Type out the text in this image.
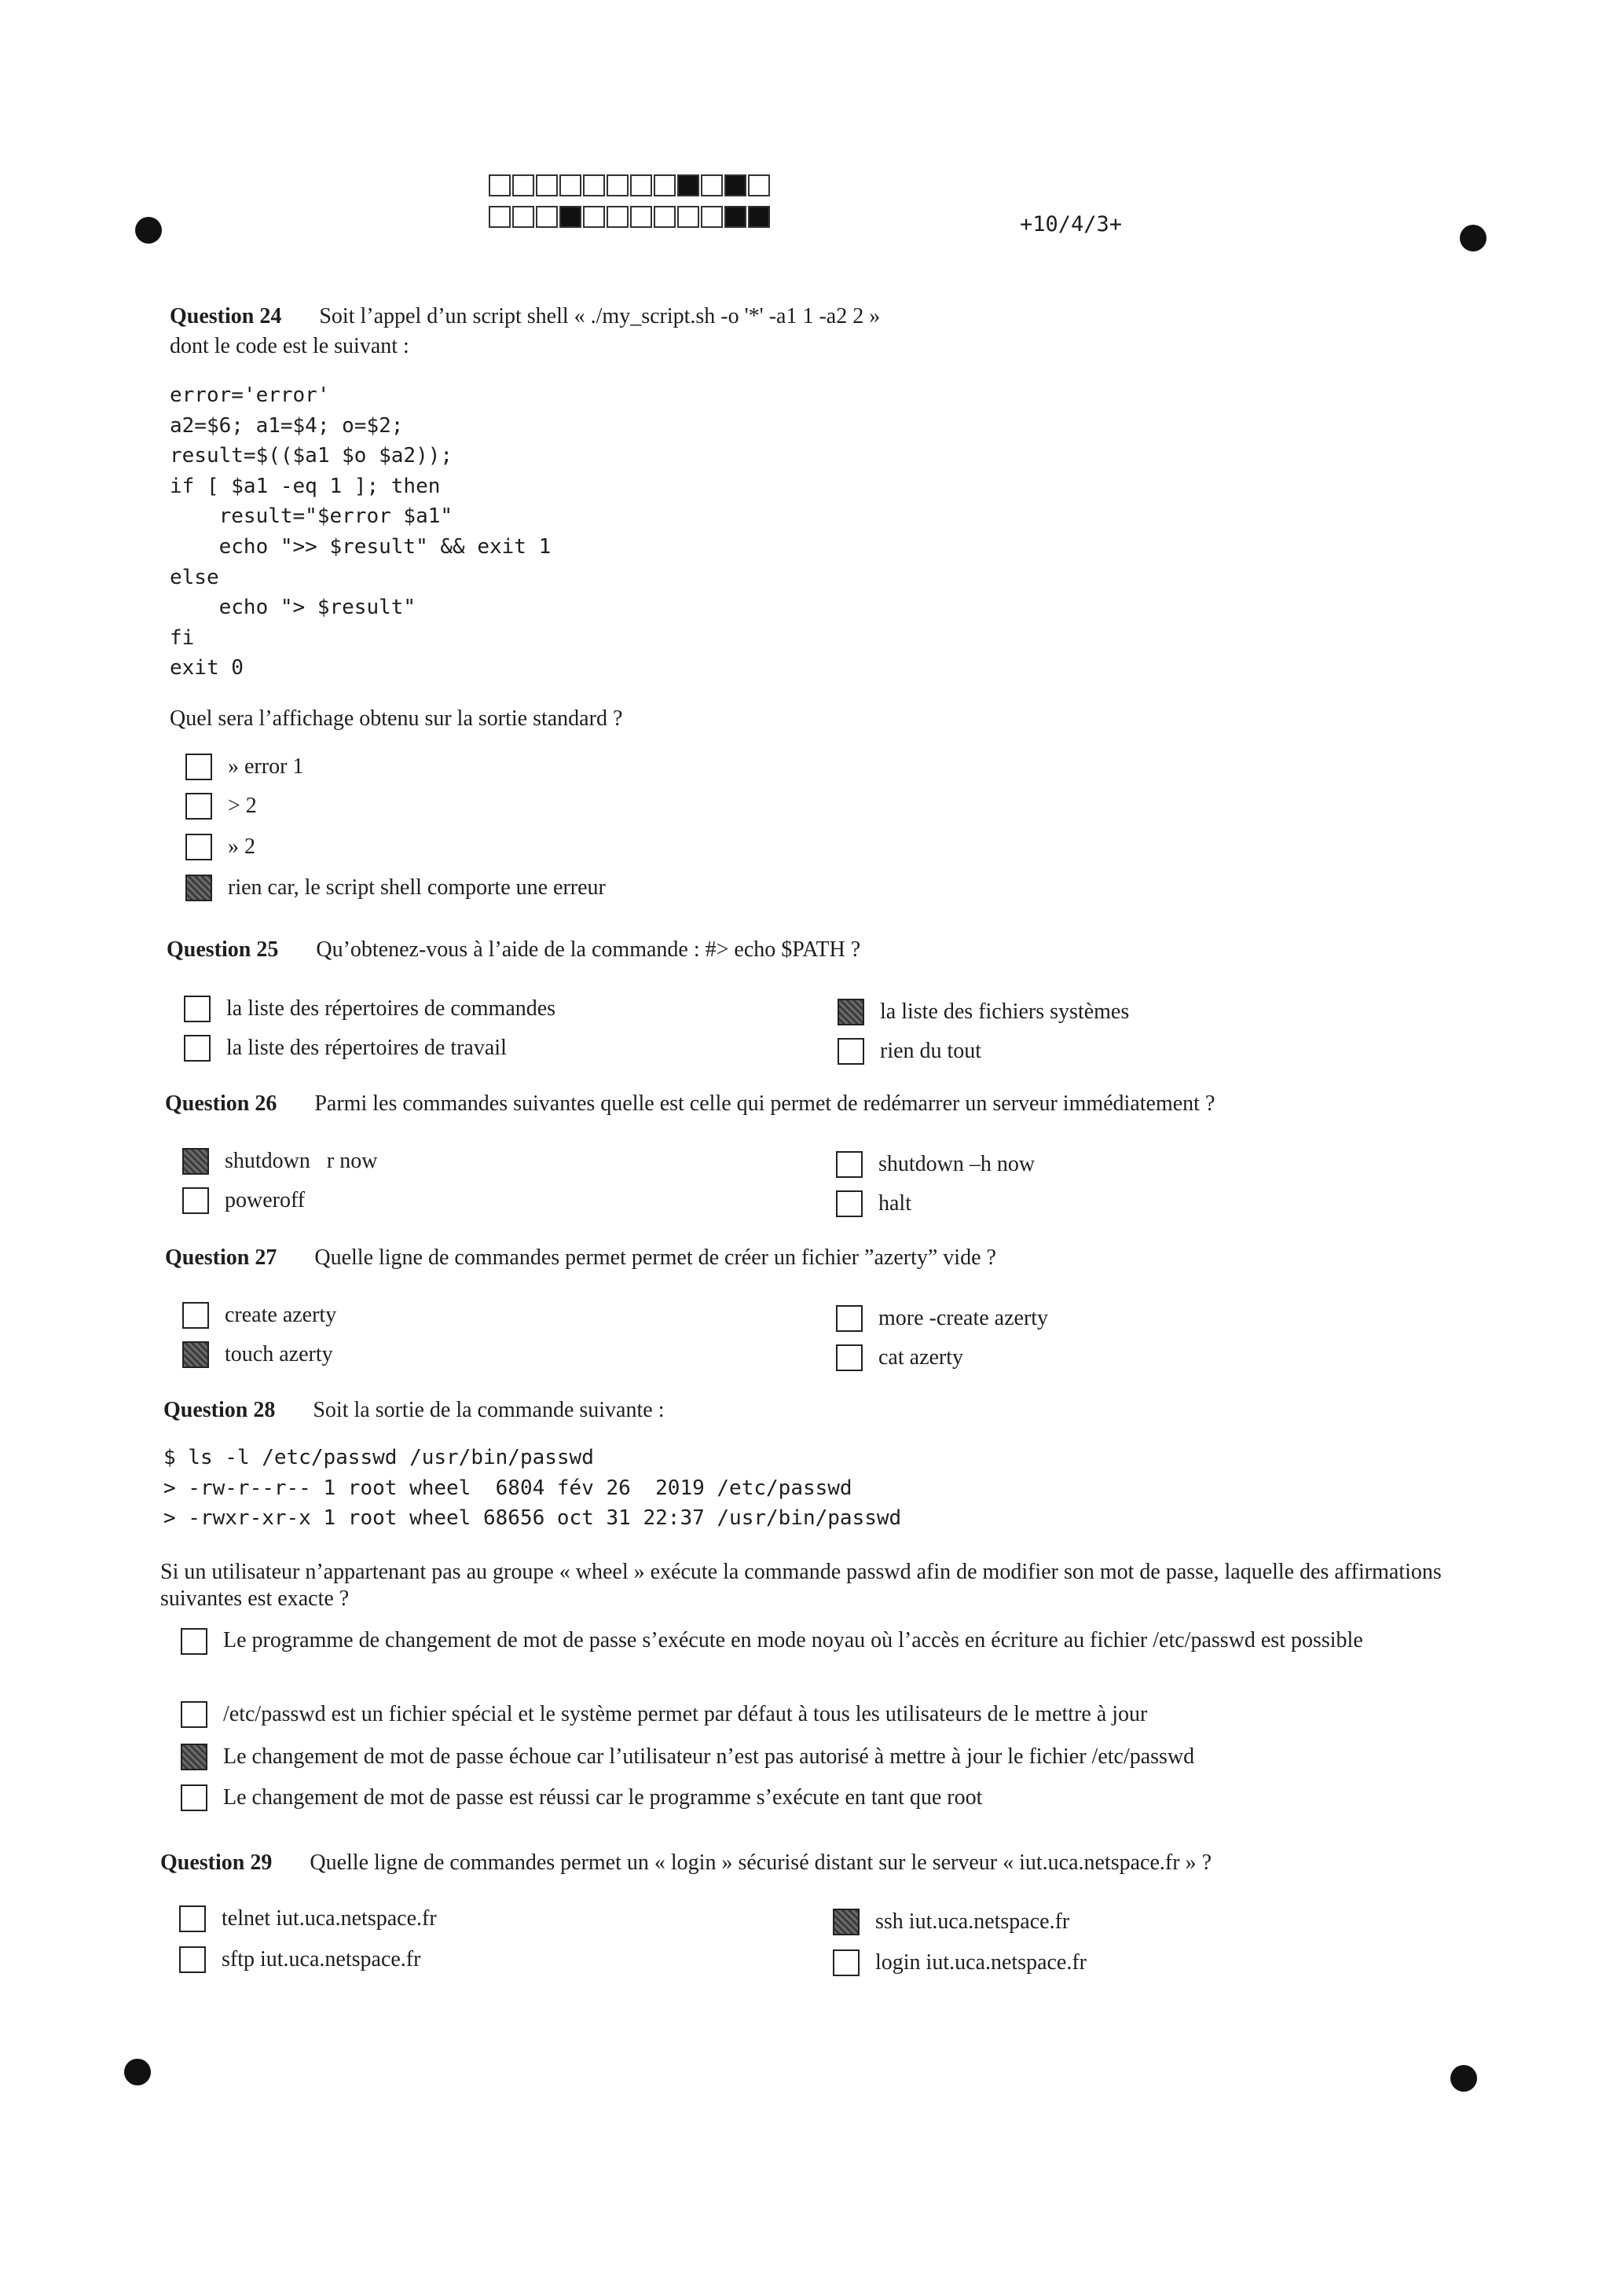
+10/4/3+
Question 24 Soit l’appel d’un script shell « ./my_script.sh -o '*' -a1 1 -a2 2 »
dont le code est le suivant :
error='error'
a2=$6; a1=$4; o=$2;
result=$(($a1 $o $a2));
if [ $a1 -eq 1 ]; then
result="$error $a1"
echo ">> $result" && exit 1
else
echo "> $result"
fi
exit 0
Quel sera l’affichage obtenu sur la sortie standard ?
» error 1
> 2
» 2
rien car, le script shell comporte une erreur
Question 25 Qu’obtenez-vous à l’aide de la commande : #> echo $PATH ?
la liste des répertoires de commandes
la liste des répertoires de travail
la liste des fichiers systèmes
rien du tout
Question 26 Parmi les commandes suivantes quelle est celle qui permet de redémarrer un serveur immédiatement ?
shutdown   r now
poweroff
shutdown –h now
halt
Question 27 Quelle ligne de commandes permet permet de créer un fichier ”azerty” vide ?
create azerty
touch azerty
more -create azerty
cat azerty
Question 28 Soit la sortie de la commande suivante :
$ ls -l /etc/passwd /usr/bin/passwd
> -rw-r--r-- 1 root wheel  6804 fév 26  2019 /etc/passwd
> -rwxr-xr-x 1 root wheel 68656 oct 31 22:37 /usr/bin/passwd
Si un utilisateur n’appartenant pas au groupe « wheel » exécute la commande passwd afin de modifier son mot de passe, laquelle des affirmations suivantes est exacte ?
Le programme de changement de mot de passe s’exécute en mode noyau où l’accès en écriture au fichier /etc/passwd est possible
/etc/passwd est un fichier spécial et le système permet par défaut à tous les utilisateurs de le mettre à jour
Le changement de mot de passe échoue car l’utilisateur n’est pas autorisé à mettre à jour le fichier /etc/passwd
Le changement de mot de passe est réussi car le programme s’exécute en tant que root
Question 29 Quelle ligne de commandes permet un « login » sécurisé distant sur le serveur « iut.uca.netspace.fr » ?
telnet iut.uca.netspace.fr
sftp iut.uca.netspace.fr
ssh iut.uca.netspace.fr
login iut.uca.netspace.fr
